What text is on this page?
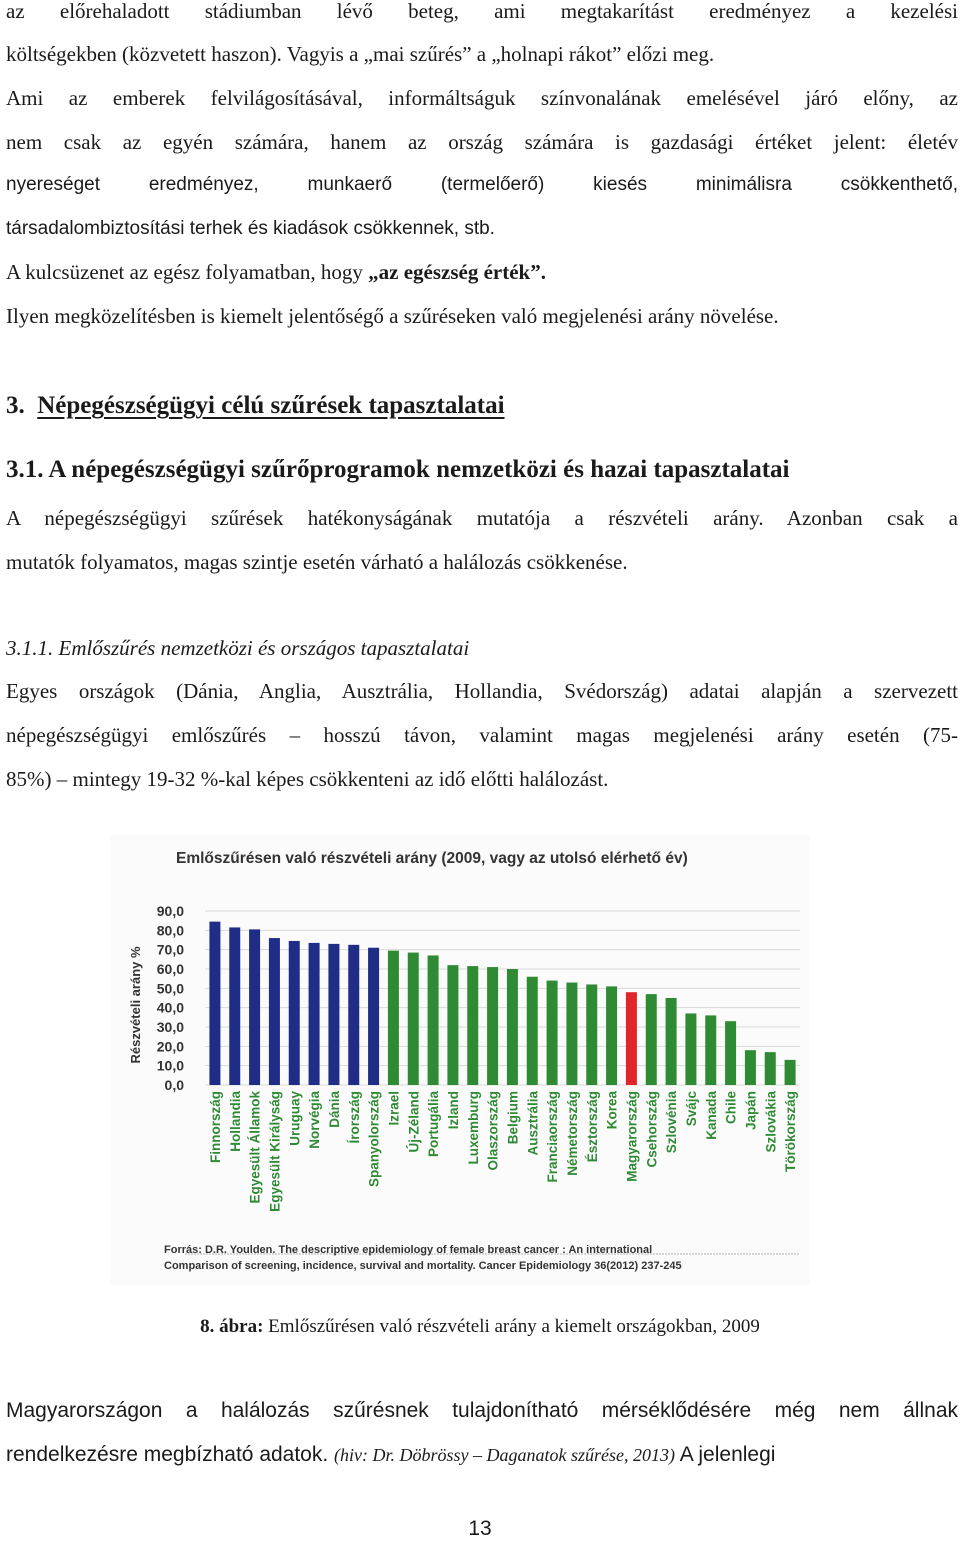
az előrehaladott stádiumban lévő beteg, ami megtakarítást eredményez a kezelési
költségekben (közvetett haszon). Vagyis a „mai szűrés” a „holnapi rákot” előzi meg.
Ami az emberek felvilágosításával, informáltságuk színvonalának emelésével járó előny, az
nem csak az egyén számára, hanem az ország számára is gazdasági értéket jelent: életév
nyereséget eredményez, munkaerő (termelőerő) kiesés minimálisra csökkenthető,
társadalombiztosítási terhek és kiadások csökkennek, stb.
A kulcsüzenet az egész folyamatban, hogy „az egészség érték”.
Ilyen megközelítésben is kiemelt jelentőségő a szűréseken való megjelenési arány növelése.
3. Népegészségügyi célú szűrések tapasztalatai
3.1. A népegészségügyi szűrőprogramok nemzetközi és hazai tapasztalatai
A népegészségügyi szűrések hatékonyságának mutatója a részvételi arány. Azonban csak a
mutatók folyamatos, magas szintje esetén várható a halálozás csökkenése.
3.1.1. Emlőszűrés nemzetközi és országos tapasztalatai
Egyes országok (Dánia, Anglia, Ausztrália, Hollandia, Svédország) adatai alapján a szervezett
népegészségügyi emlőszűrés – hosszú távon, valamint magas megjelenési arány esetén (75-
85%) – mintegy 19-32 %-kal képes csökkenteni az idő előtti halálozást.
Emlőszűrésen való részvételi arány (2009, vagy az utolsó elérhető év)
0,0
10,0
20,0
30,0
40,0
50,0
60,0
70,0
80,0
90,0
Részvételi arány %
Finnország Hollandia Egyesült Államok Egyesült Királyság Uruguay Norvégia Dánia Írország Spanyolország Izrael Új-Zéland Portugália Izland Luxemburg Olaszország Belgium Ausztrália Franciaország Németország Észtország Korea Magyarország Csehország Szlovénia Svájc Kanada Chile Japán Szlovákia Törökország
Forrás: D.R. Youlden. The descriptive epidemiology of female breast cancer : An international
Comparison of screening, incidence, survival and mortality. Cancer Epidemiology 36(2012) 237-245
8. ábra: Emlőszűrésen való részvételi arány a kiemelt országokban, 2009
Magyarországon a halálozás szűrésnek tulajdonítható mérséklődésére még nem állnak
rendelkezésre megbízható adatok. (hiv: Dr. Döbrössy – Daganatok szűrése, 2013) A jelenlegi
13
